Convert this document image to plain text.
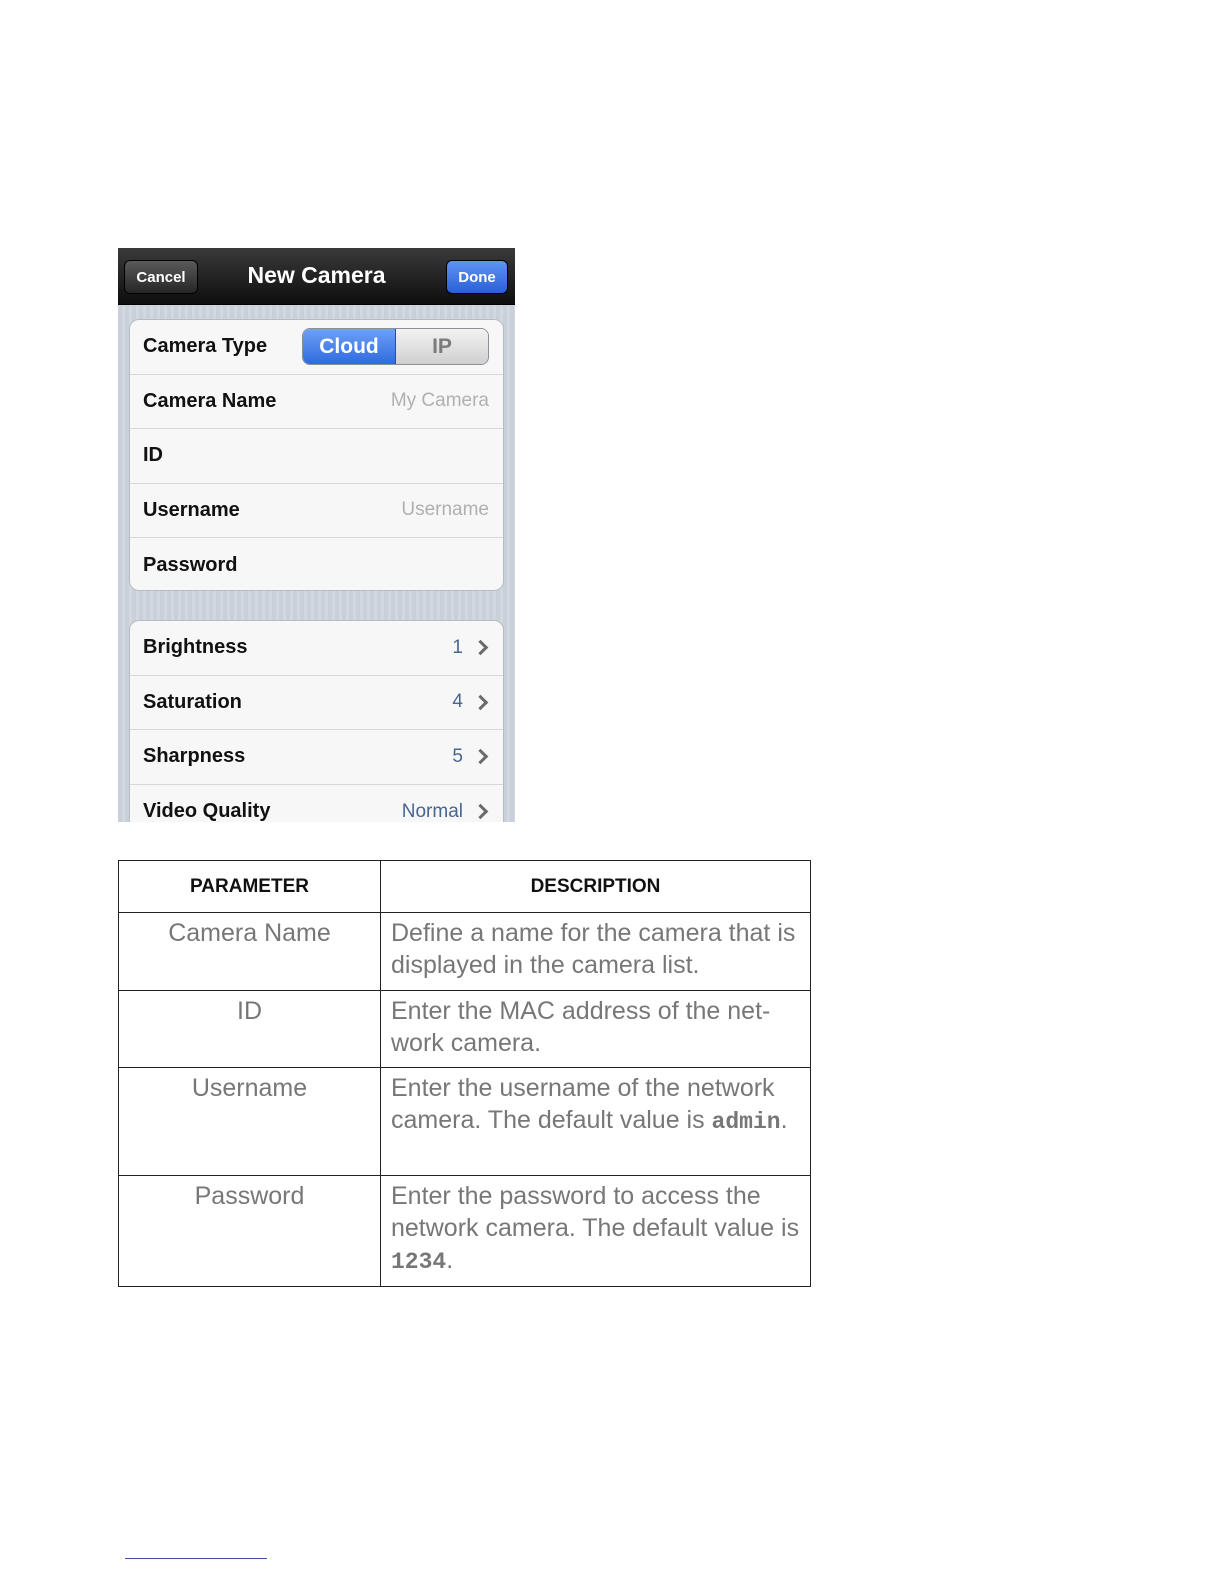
Cancel	New Camera	Done
Camera Type	Cloud	IP
Camera Name	My Camera
ID
Username	Username
Password
Brightness	1
Saturation	4
Sharpness	5
Video Quality	Normal
PARAMETER	DESCRIPTION
Camera Name	Define a name for the camera that is displayed in the camera list.
ID	Enter the MAC address of the net-work camera.
Username	Enter the username of the network camera. The default value is admin.
Password	Enter the password to access the network camera. The default value is 1234.
